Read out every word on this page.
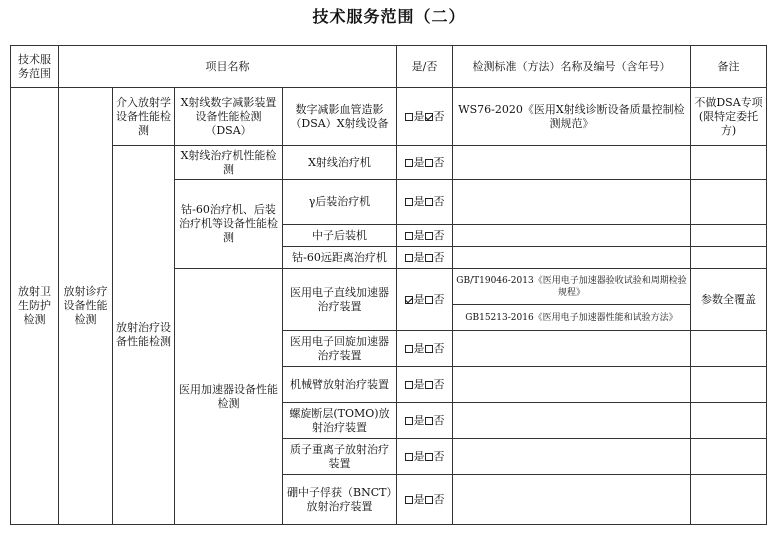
技术服务范围（二）
技术服务范围	项目名称				是/否	检测标准（方法）名称及编号（含年号）	备注
放射卫生防护检测	放射诊疗设备性能检测	介入放射学设备性能检测	X射线数字减影装置设备性能检测（DSA）	数字减影血管造影（DSA）X射线设备	是 否	WS76-2020《医用X射线诊断设备质量控制检测规范》	不做DSA专项(限特定委托方)
		放射治疗设备性能检测	X射线治疗机性能检测	X射线治疗机	是 否		
			钴-60治疗机、后装治疗机等设备性能检测	γ后装治疗机	是 否		
				中子后装机	是 否		
				钴-60远距离治疗机	是 否		
			医用加速器设备性能检测	医用电子直线加速器治疗装置	是 否	GB/T19046-2013《医用电子加速器验收试验和周期检验规程》	参数全覆盖
						GB15213-2016《医用电子加速器性能和试验方法》	
				医用电子回旋加速器治疗装置	是 否		
				机械臂放射治疗装置	是 否		
				螺旋断层(TOMO)放射治疗装置	是 否		
				质子重离子放射治疗装置	是 否		
				硼中子俘获（BNCT）放射治疗装置	是 否		
